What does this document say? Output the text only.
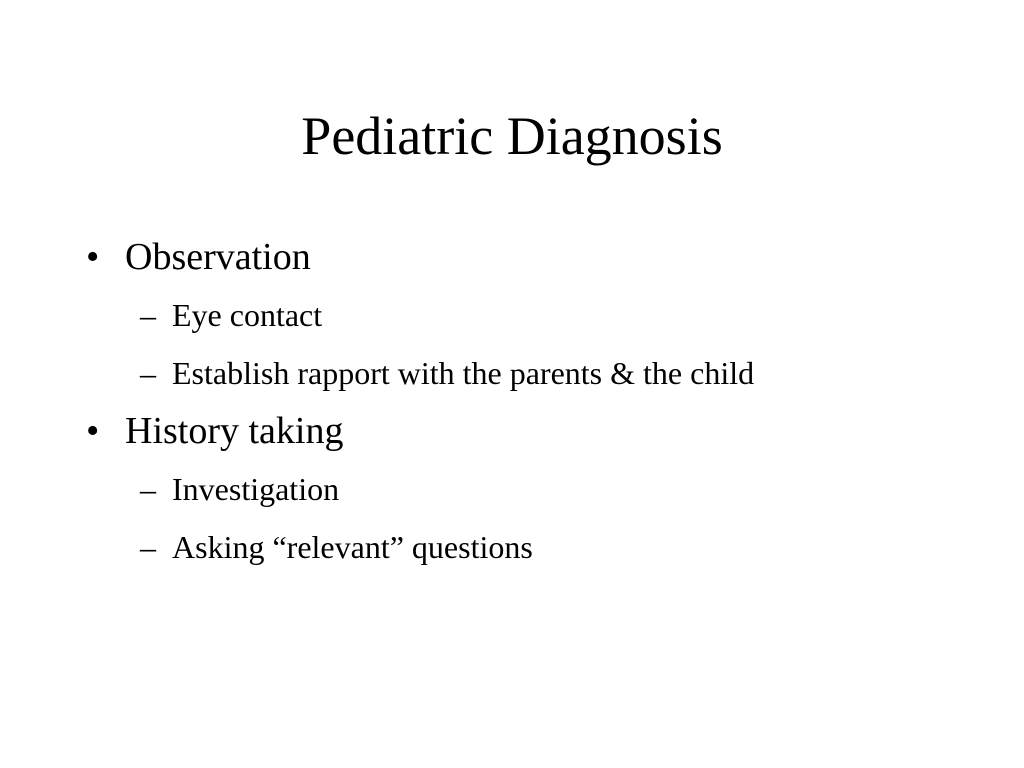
Pediatric Diagnosis
• Observation
– Eye contact
– Establish rapport with the parents & the child
• History taking
– Investigation
– Asking “relevant” questions
